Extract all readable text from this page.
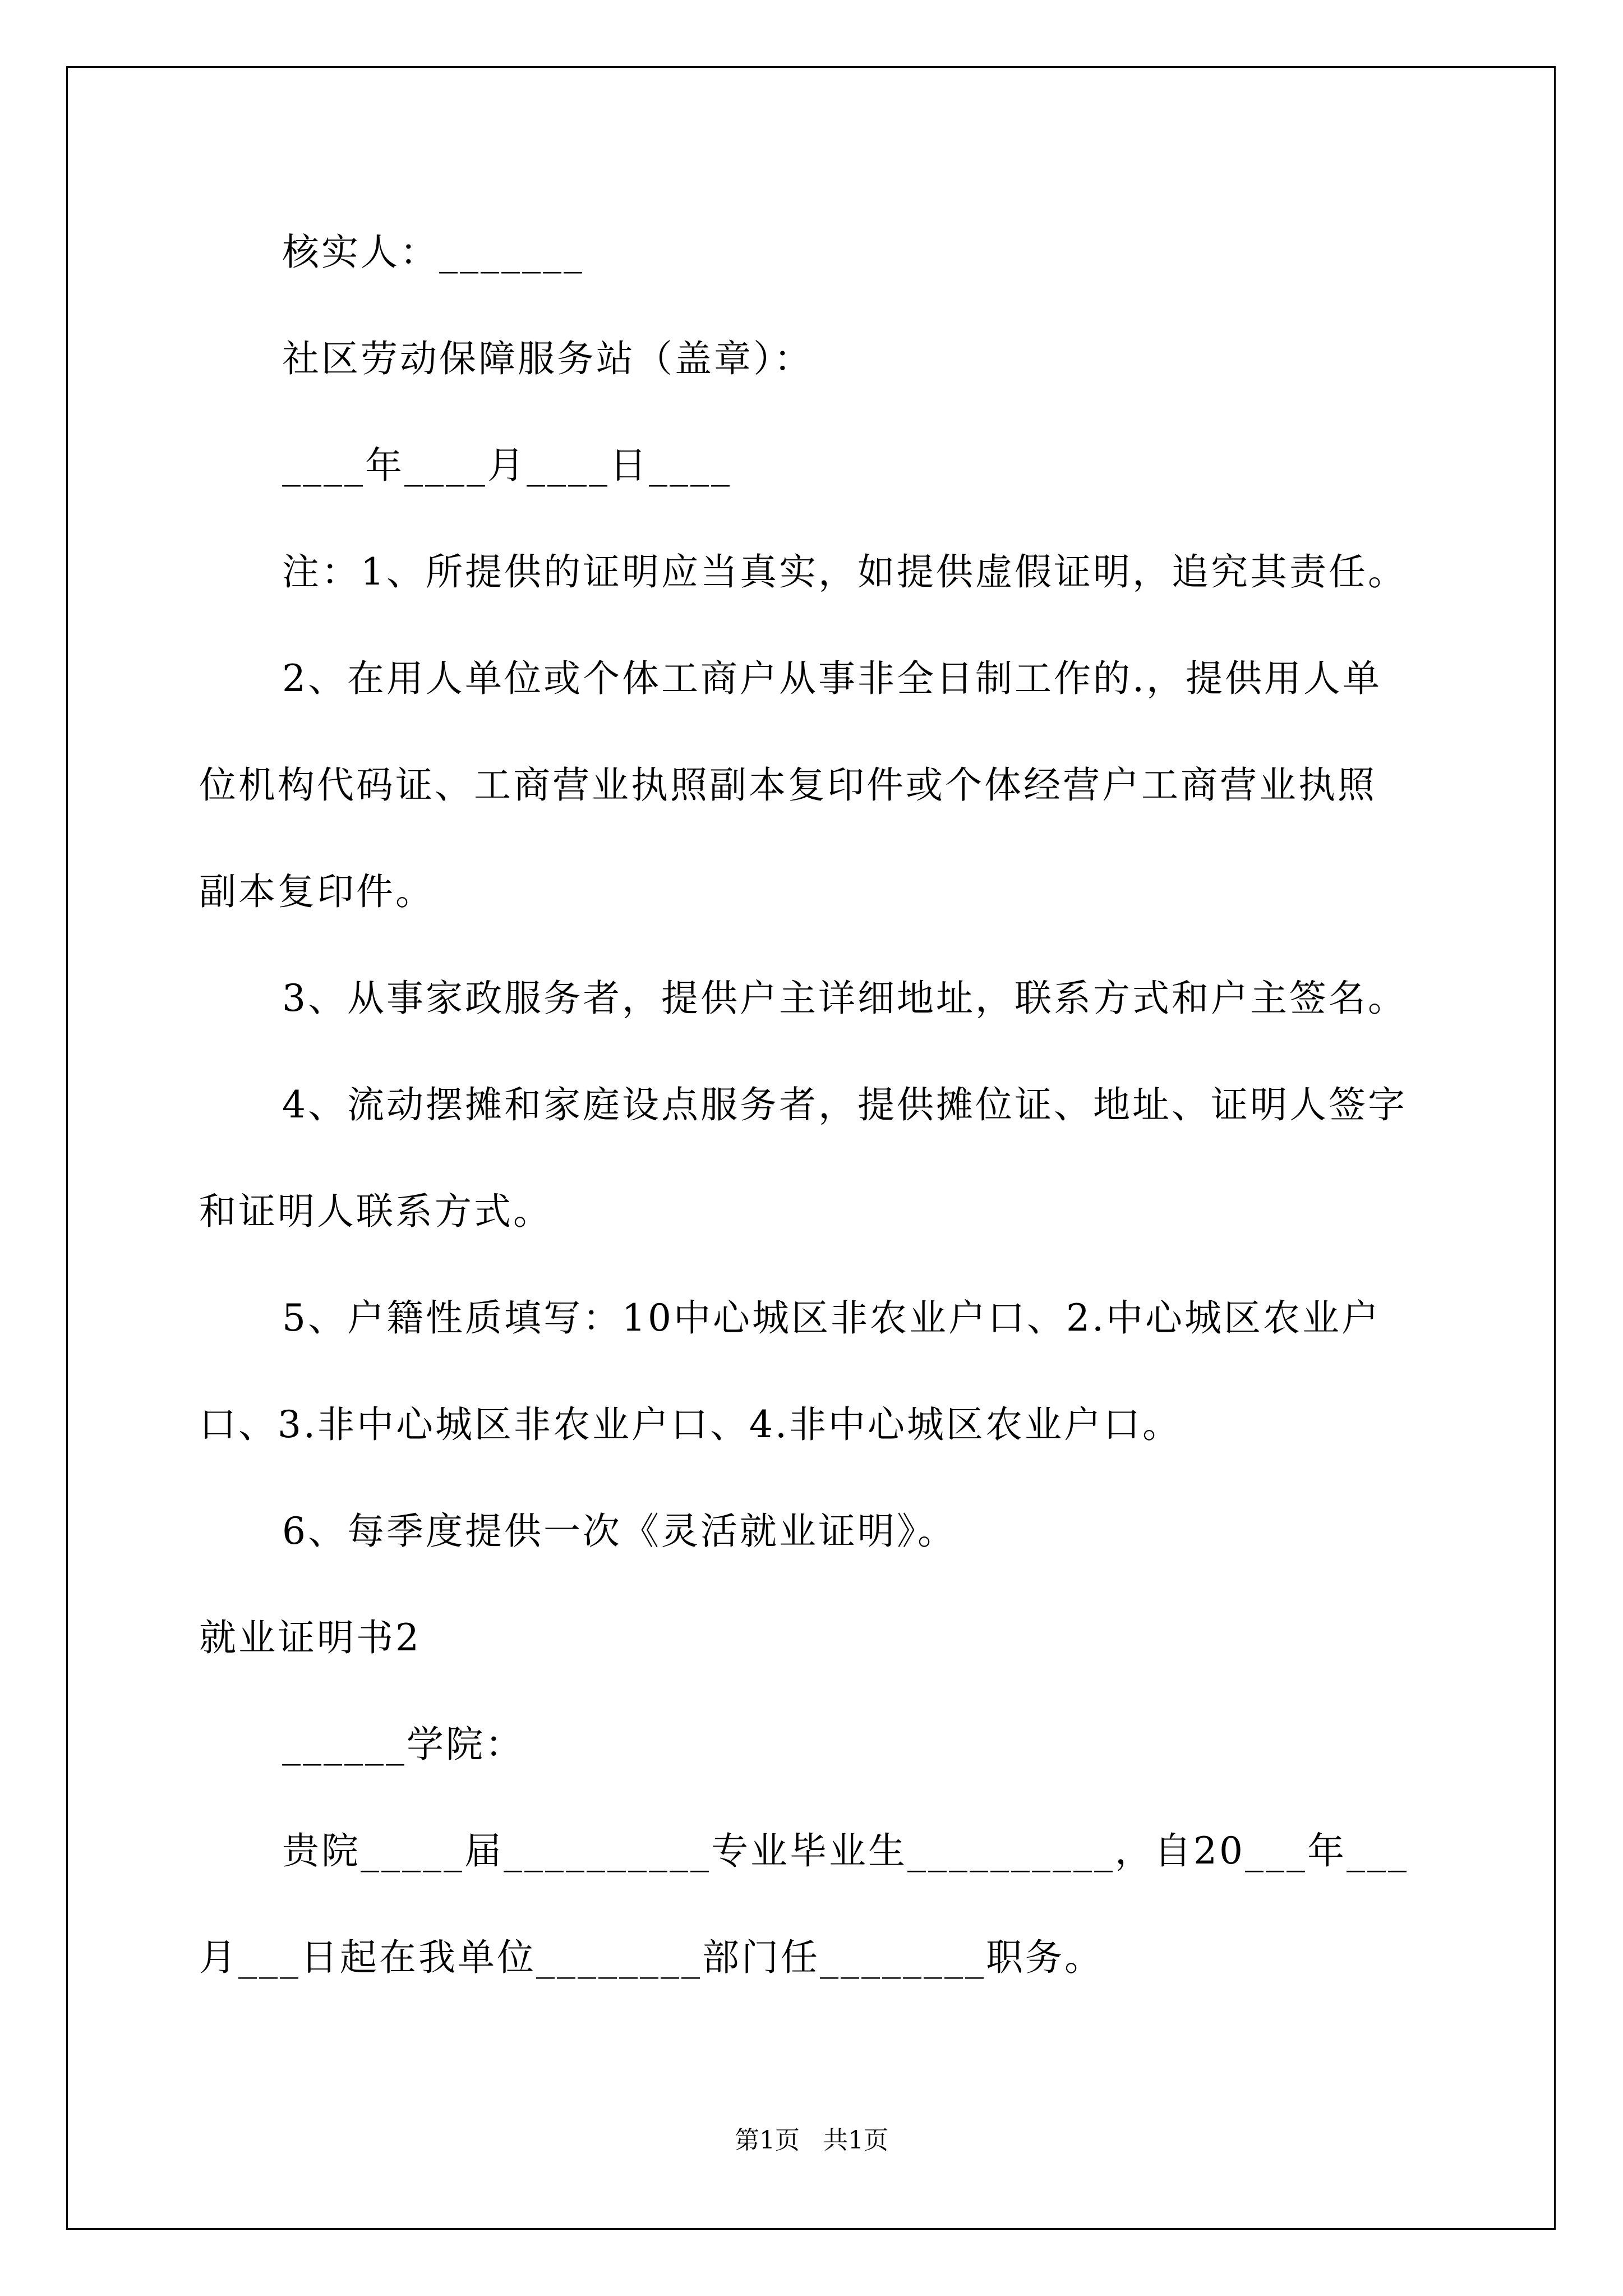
核实人：_______
社区劳动保障服务站（盖章）：
____年____月____日____
注：1、所提供的证明应当真实，如提供虚假证明，追究其责任。
2、在用人单位或个体工商户从事非全日制工作的.，提供用人单
位机构代码证、工商营业执照副本复印件或个体经营户工商营业执照
副本复印件。
3、从事家政服务者，提供户主详细地址，联系方式和户主签名。
4、流动摆摊和家庭设点服务者，提供摊位证、地址、证明人签字
和证明人联系方式。
5、户籍性质填写：10中心城区非农业户口、2.中心城区农业户
口、3.非中心城区非农业户口、4.非中心城区农业户口。
6、每季度提供一次《灵活就业证明》。
就业证明书2
______学院：
贵院_____届__________专业毕业生__________，自20___年___
月___日起在我单位________部门任________职务。
第1页   共1页
